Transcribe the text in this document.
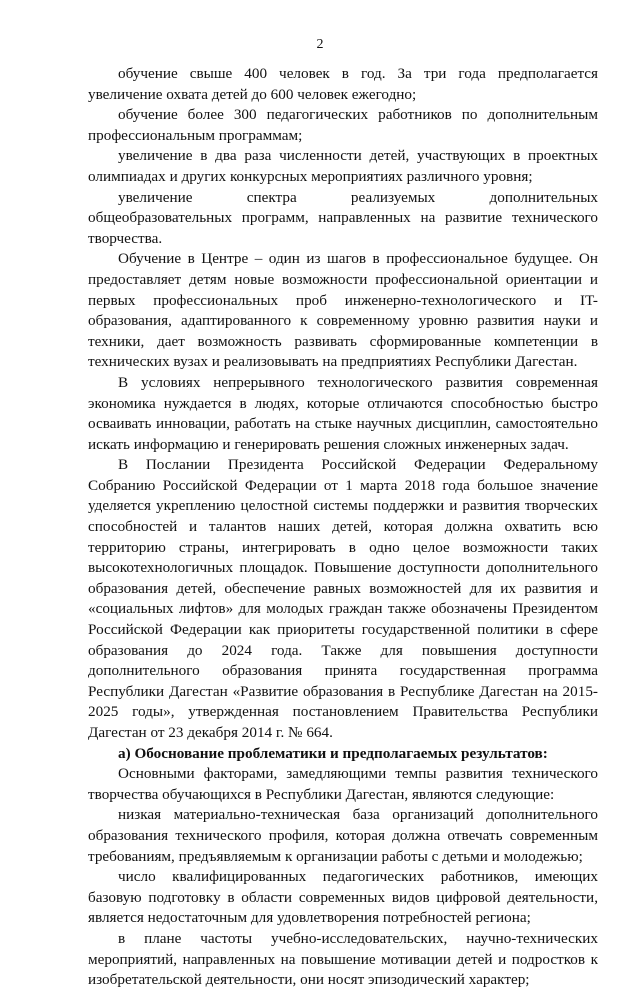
2
обучение свыше 400 человек в год. За три года предполагается
увеличение охвата детей до 600 человек ежегодно;
обучение более 300 педагогических работников по дополнительным
профессиональным программам;
увеличение в два раза численности детей, участвующих в проектных
олимпиадах и других конкурсных мероприятиях различного уровня;
увеличение спектра реализуемых дополнительных
общеобразовательных программ, направленных на развитие технического
творчества.
Обучение в Центре – один из шагов в профессиональное будущее. Он
предоставляет детям новые возможности профессиональной ориентации и
первых профессиональных проб инженерно-технологического и IT-
образования, адаптированного к современному уровню развития науки и
техники, дает возможность развивать сформированные компетенции в
технических вузах и реализовывать на предприятиях Республики Дагестан.
В условиях непрерывного технологического развития современная
экономика нуждается в людях, которые отличаются способностью быстро
осваивать инновации, работать на стыке научных дисциплин, самостоятельно
искать информацию и генерировать решения сложных инженерных задач.
В Послании Президента Российской Федерации Федеральному
Собранию Российской Федерации от 1 марта 2018 года большое значение
уделяется укреплению целостной системы поддержки и развития творческих
способностей и талантов наших детей, которая должна охватить всю
территорию страны, интегрировать в одно целое возможности таких
высокотехнологичных площадок. Повышение доступности дополнительного
образования детей, обеспечение равных возможностей для их развития и
«социальных лифтов» для молодых граждан также обозначены Президентом
Российской Федерации как приоритеты государственной политики в сфере
образования до 2024 года. Также для повышения доступности
дополнительного образования принята государственная программа
Республики Дагестан «Развитие образования в Республике Дагестан на 2015-
2025 годы», утвержденная постановлением Правительства Республики
Дагестан от 23 декабря 2014 г. № 664.
а) Обоснование проблематики и предполагаемых результатов:
Основными факторами, замедляющими темпы развития технического
творчества обучающихся в Республики Дагестан, являются следующие:
низкая материально-техническая база организаций дополнительного
образования технического профиля, которая должна отвечать современным
требованиям, предъявляемым к организации работы с детьми и молодежью;
число квалифицированных педагогических работников, имеющих
базовую подготовку в области современных видов цифровой деятельности,
является недостаточным для удовлетворения потребностей региона;
в плане частоты учебно-исследовательских, научно-технических
мероприятий, направленных на повышение мотивации детей и подростков к
изобретательской деятельности, они носят эпизодический характер;
